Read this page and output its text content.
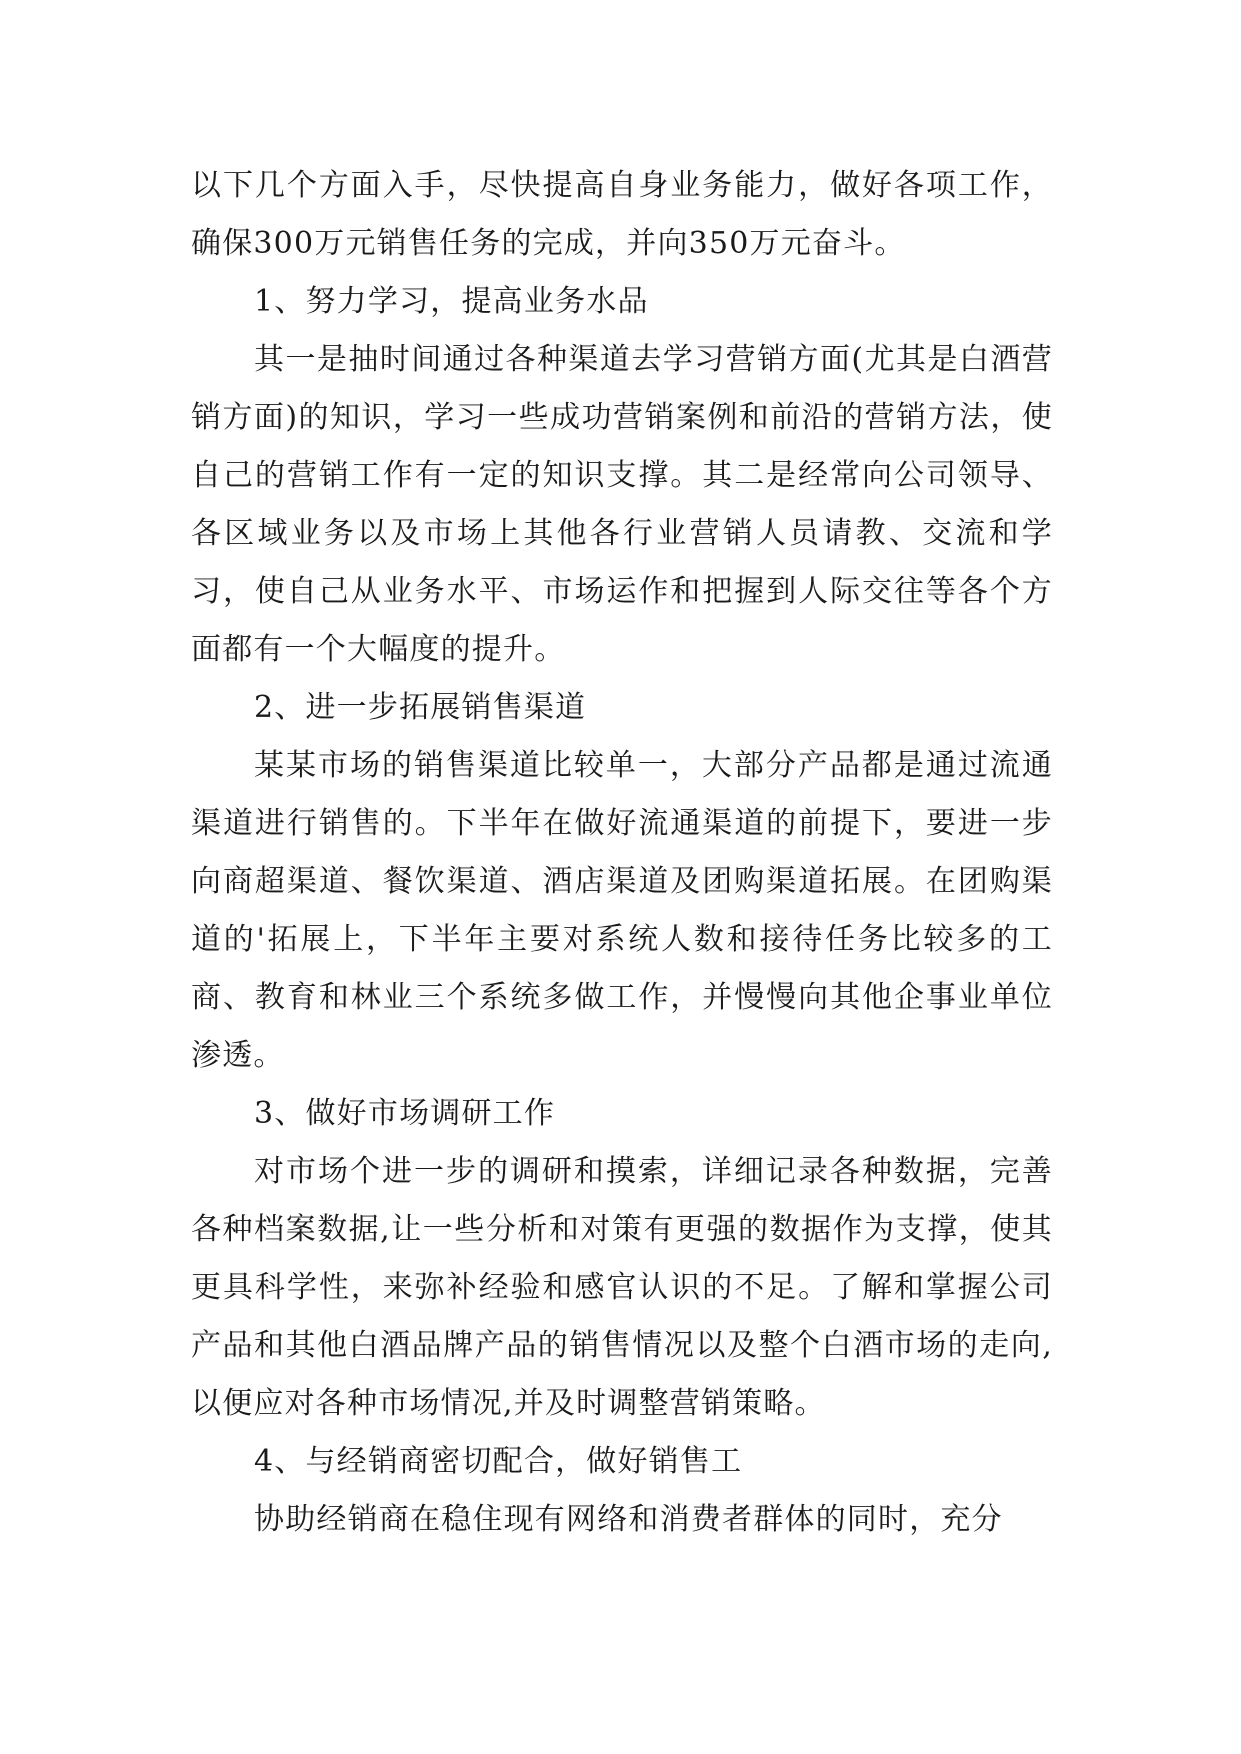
以下几个方面入手，尽快提高自身业务能力，做好各项工作，确保300万元销售任务的完成，并向350万元奋斗。

1、努力学习，提高业务水品

其一是抽时间通过各种渠道去学习营销方面(尤其是白酒营销方面)的知识，学习一些成功营销案例和前沿的营销方法，使自己的营销工作有一定的知识支撑。其二是经常向公司领导、各区域业务以及市场上其他各行业营销人员请教、交流和学习，使自己从业务水平、市场运作和把握到人际交往等各个方面都有一个大幅度的提升。

2、进一步拓展销售渠道

某某市场的销售渠道比较单一，大部分产品都是通过流通渠道进行销售的。下半年在做好流通渠道的前提下，要进一步向商超渠道、餐饮渠道、酒店渠道及团购渠道拓展。在团购渠道的'拓展上，下半年主要对系统人数和接待任务比较多的工商、教育和林业三个系统多做工作，并慢慢向其他企事业单位渗透。

3、做好市场调研工作

对市场个进一步的调研和摸索，详细记录各种数据，完善各种档案数据,让一些分析和对策有更强的数据作为支撑，使其更具科学性，来弥补经验和感官认识的不足。了解和掌握公司产品和其他白酒品牌产品的销售情况以及整个白酒市场的走向,以便应对各种市场情况,并及时调整营销策略。

4、与经销商密切配合，做好销售工

协助经销商在稳住现有网络和消费者群体的同时，充分
